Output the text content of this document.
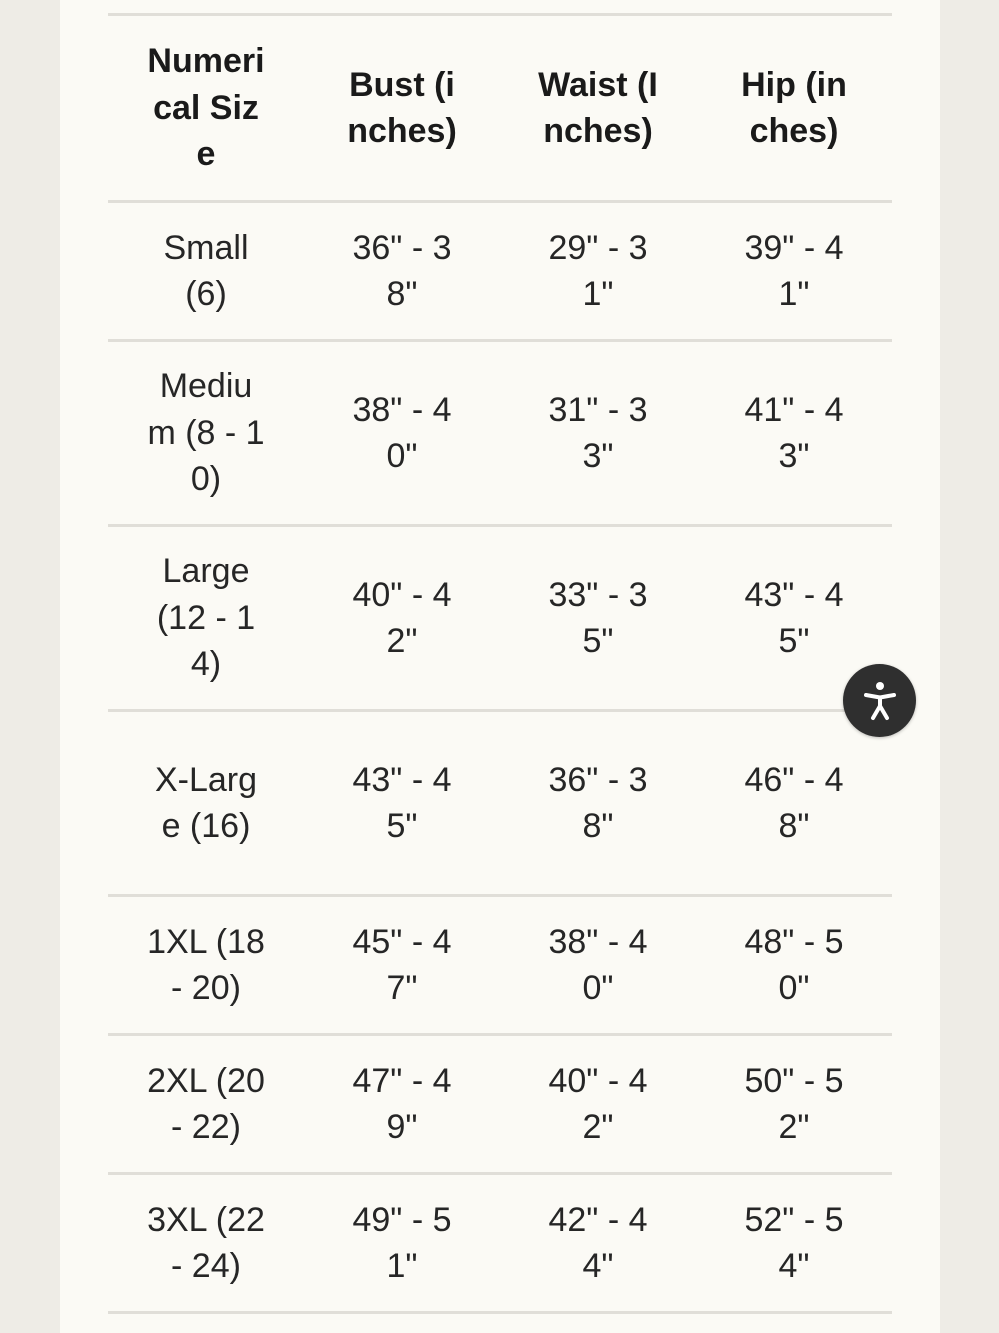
Numerical Size	Bust (inches)	Waist (Inches)	Hip (inches)

Small (6)	36" - 38"	29" - 31"	39" - 41"

Medium (8 - 10)	38" - 40"	31" - 33"	41" - 43"

Large (12 - 14)	40" - 42"	33" - 35"	43" - 45"

X-Large (16)	43" - 45"	36" - 38"	46" - 48"

1XL (18 - 20)	45" - 47"	38" - 40"	48" - 50"

2XL (20 - 22)	47" - 49"	40" - 42"	50" - 52"

3XL (22 - 24)	49" - 51"	42" - 44"	52" - 54"
